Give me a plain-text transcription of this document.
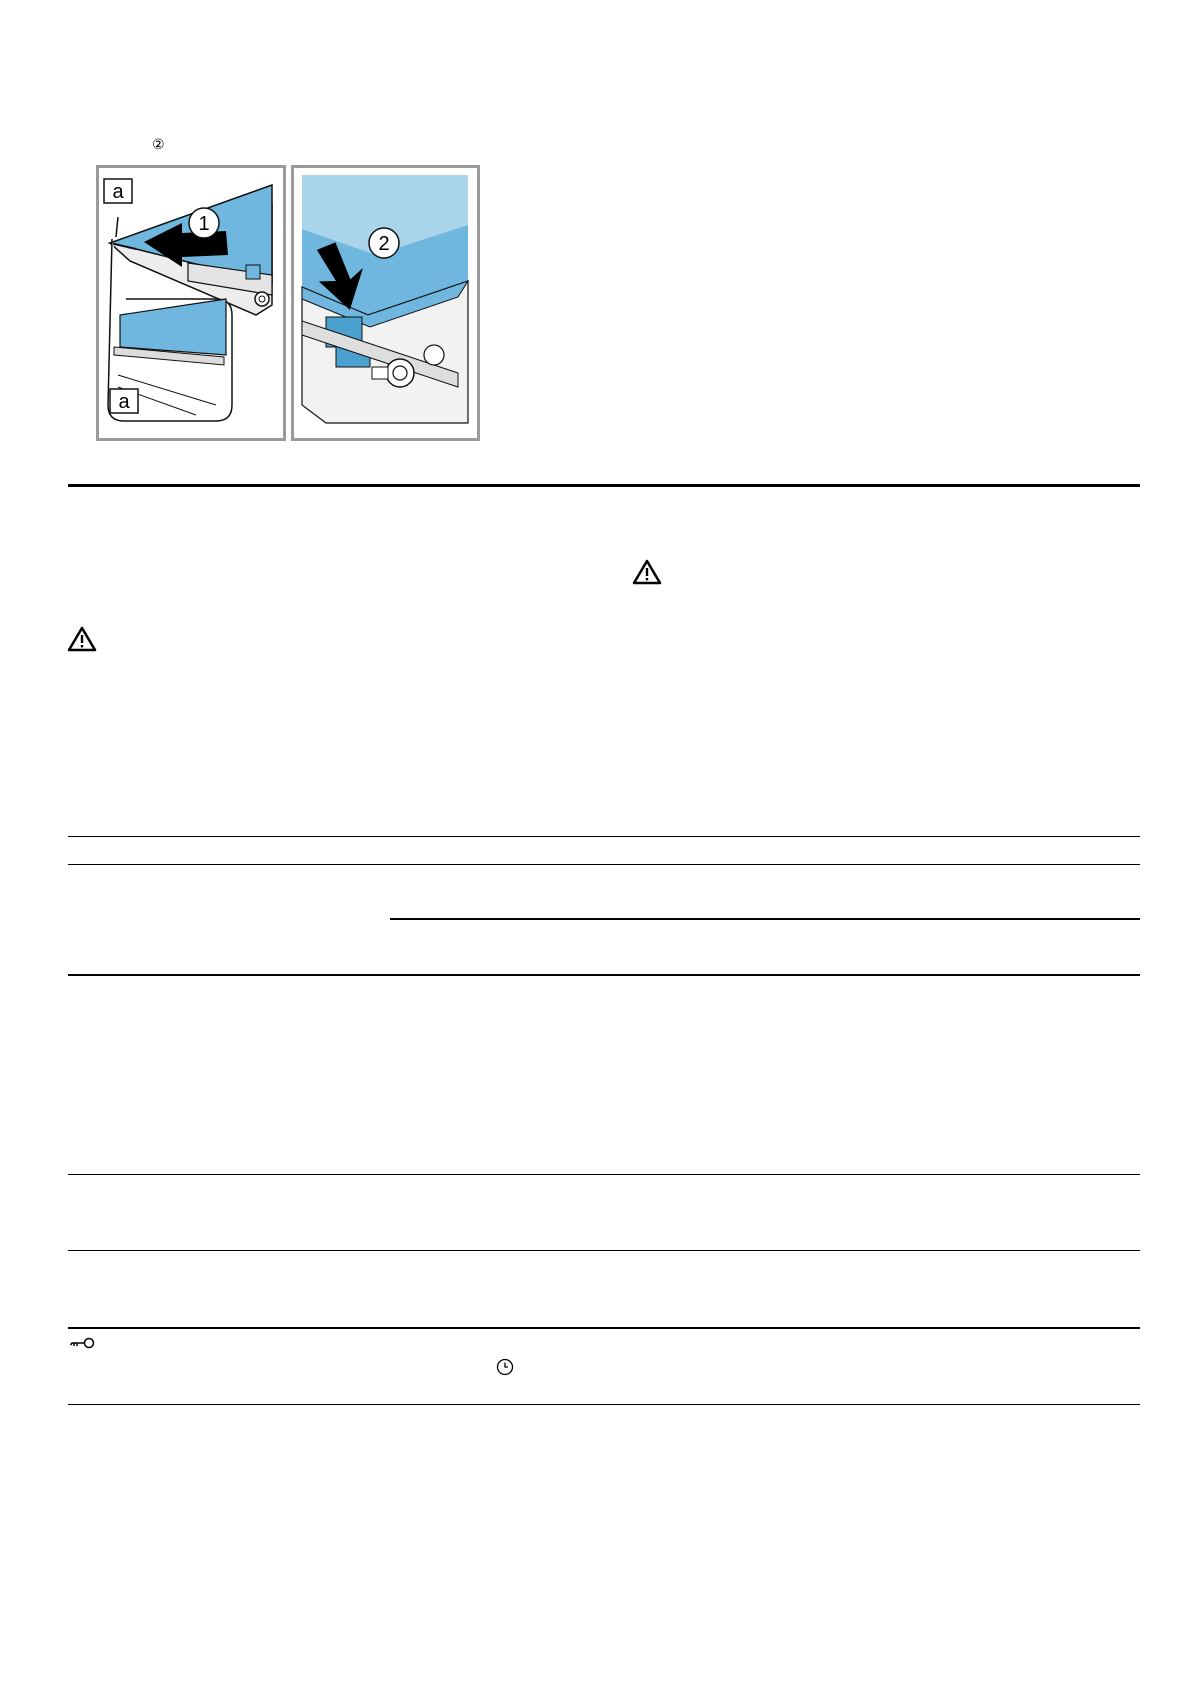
②
a
1
a
2
